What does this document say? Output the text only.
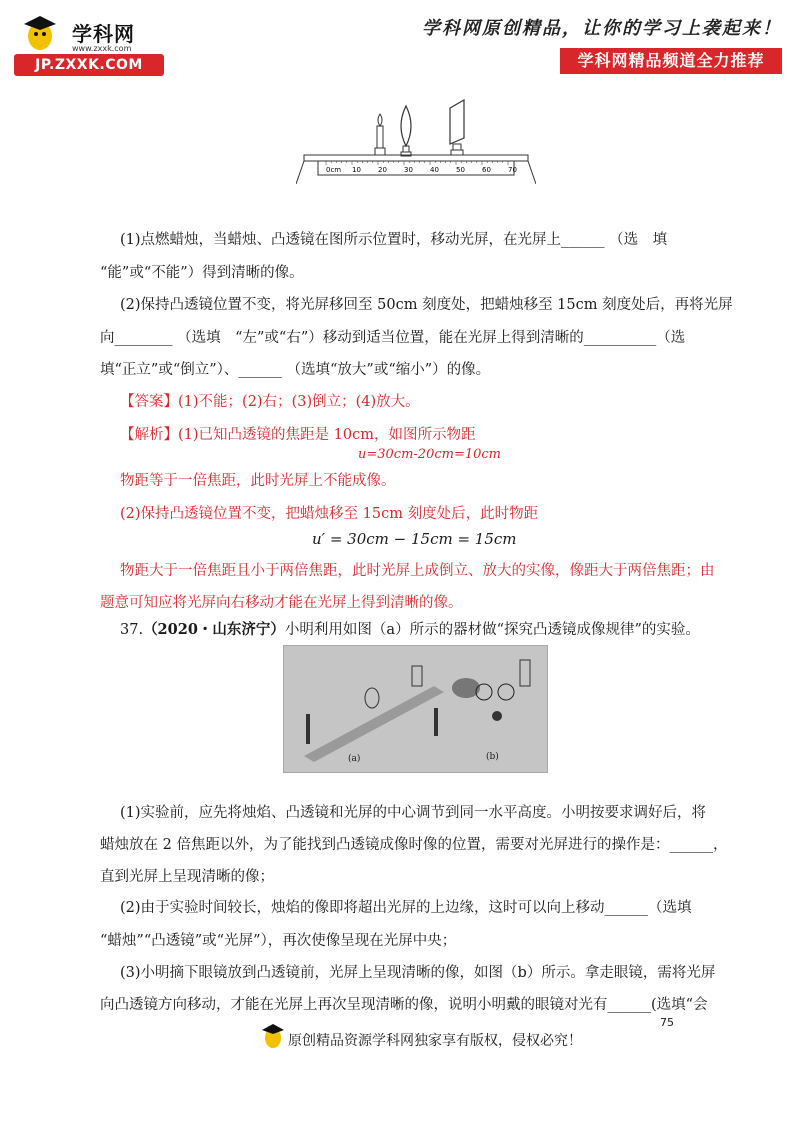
学科网
www.zxxk.com
JP.ZXXK.COM
学科网原创精品，让你的学习上袭起来！
学科网精品频道全力推荐
0cm 10 20 30 40 50 60 70
(1)点燃蜡烛，当蜡烛、凸透镜在图所示位置时，移动光屏，在光屏上______ （选　填
“能”或“不能”）得到清晰的像。
(2)保持凸透镜位置不变，将光屏移回至 50cm 刻度处，把蜡烛移至 15cm 刻度处后，再将光屏
向________ （选填　“左”或“右”）移动到适当位置，能在光屏上得到清晰的__________（选
填“正立”或“倒立”）、______ （选填“放大”或“缩小”）的像。
【答案】(1)不能；(2)右；(3)倒立；(4)放大。
【解析】(1)已知凸透镜的焦距是 10cm，如图所示物距
u=30cm-20cm=10cm
物距等于一倍焦距，此时光屏上不能成像。
(2)保持凸透镜位置不变，把蜡烛移至 15cm 刻度处后，此时物距
u′ = 30cm − 15cm = 15cm
物距大于一倍焦距且小于两倍焦距，此时光屏上成倒立、放大的实像，像距大于两倍焦距；由
题意可知应将光屏向右移动才能在光屏上得到清晰的像。
37.（2020・山东济宁）小明利用如图（a）所示的器材做“探究凸透镜成像规律”的实验。
(a)	(b)
(1)实验前，应先将烛焰、凸透镜和光屏的中心调节到同一水平高度。小明按要求调好后，将
蜡烛放在 2 倍焦距以外，为了能找到凸透镜成像时像的位置，需要对光屏进行的操作是：______，
直到光屏上呈现清晰的像；
(2)由于实验时间较长，烛焰的像即将超出光屏的上边缘，这时可以向上移动______（选填
“蜡烛”“凸透镜”或“光屏”），再次使像呈现在光屏中央；
(3)小明摘下眼镜放到凸透镜前，光屏上呈现清晰的像，如图（b）所示。拿走眼镜，需将光屏
向凸透镜方向移动，才能在光屏上再次呈现清晰的像，说明小明戴的眼镜对光有______(选填“会
75
原创精品资源学科网独家享有版权，侵权必究！
